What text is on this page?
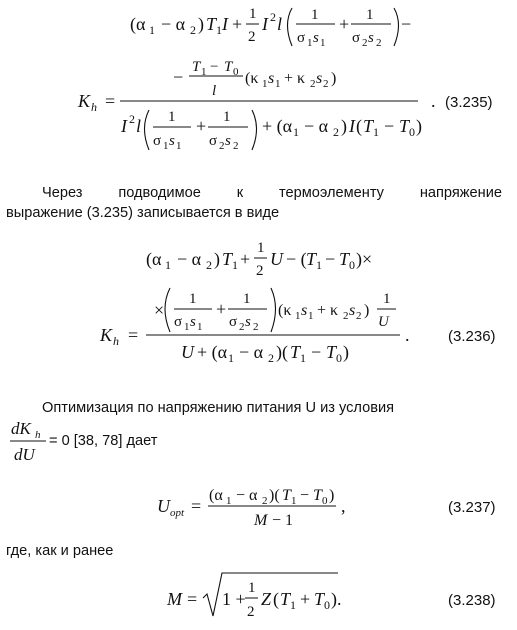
(α 1 − α 2 ) T 1 I + 1
2
I 2 l 1
σ 1 s 1
+ 1
σ 2 s 2
−
− T 1 − T 0
l
(κ 1 s 1 + κ 2 s 2 )
K h =
I 2 l 1
σ 1 s 1
+ 1
σ 2 s 2
+ (α 1 − α 2 ) I ( T 1 − T 0 )
. (3.235)
Через подводимое к термоэлементу напряжение
выражение (3.235) записывается в виде
(α 1 − α 2 ) T 1 +
1
2
U − ( T 1 − T 0 )×
×
1
σ 1 s 1
+ 1
σ 2 s 2
(κ 1 s 1 + κ 2 s 2 )
1
U
K h =
U + (α 1 − α 2 )( T 1 − T 0 )
.	(3.236)
Оптимизация по напряжению питания U из условия
dK h
dU
= 0 [38, 78] дает
U opt =
(α 1 − α 2 )( T 1 − T 0 )
M − 1
,	(3.237)
где, как и ранее
M = 1 +
1
2
Z ( T 1 + T 0 ).	(3.238)
